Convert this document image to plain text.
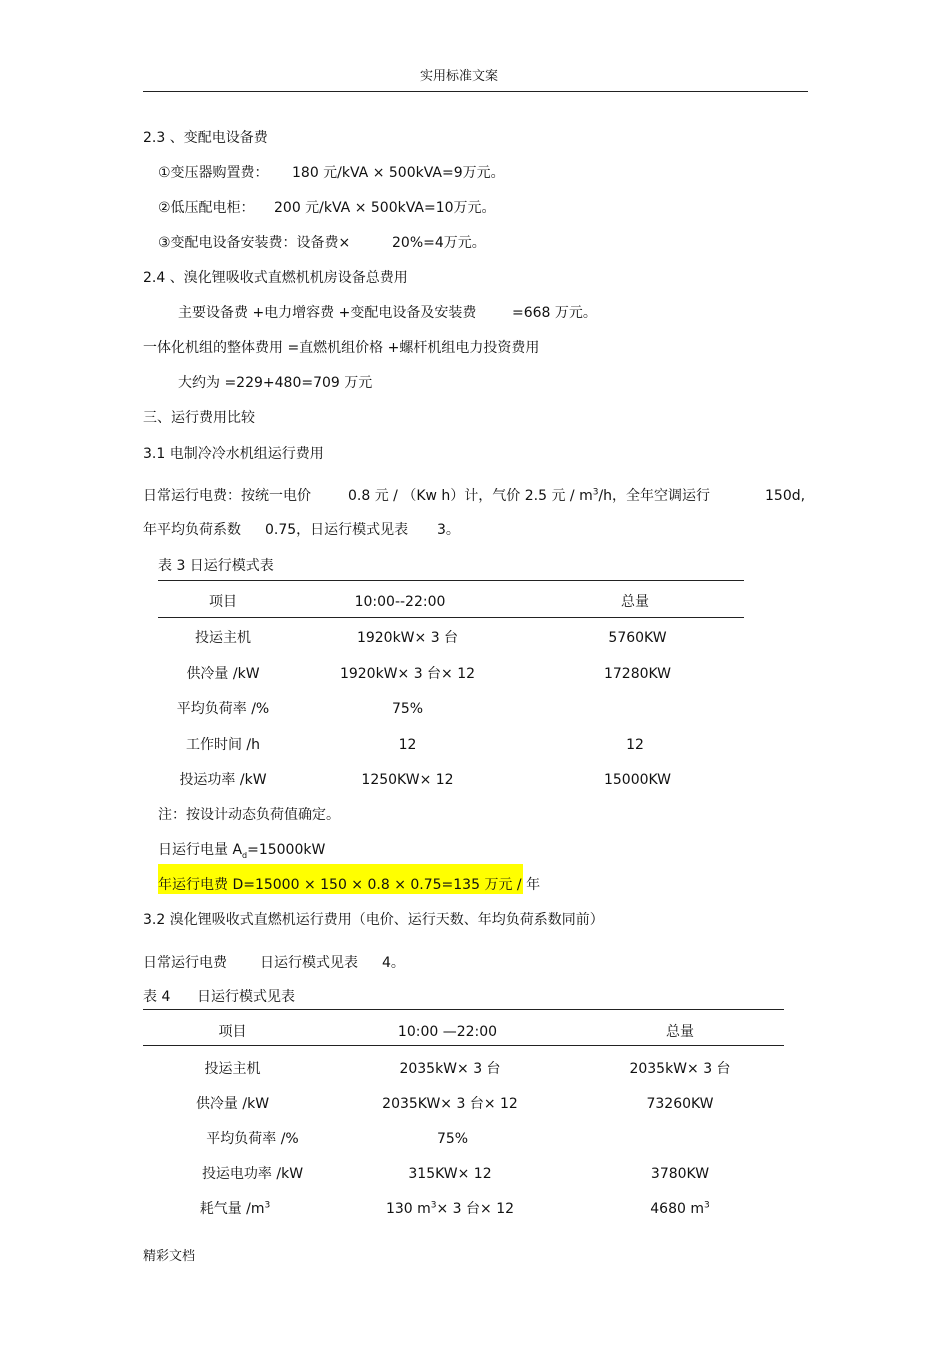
实用标准文案
2.3 、变配电设备费
①变压器购置费： 180 元/kVA × 500kVA=9万元。
②低压配电柜： 200 元/kVA × 500kVA=10万元。
③变配电设备安装费：设备费×	20%=4万元。
2.4 、溴化锂吸收式直燃机机房设备总费用
主要设备费 +电力增容费 +变配电设备及安装费	=668 万元。
一体化机组的整体费用 =直燃机组价格 +螺杆机组电力投资费用
大约为 =229+480=709 万元
三、运行费用比较
3.1 电制冷冷水机组运行费用
日常运行电费：按统一电价	0.8 元 / （Kw h）计，气价 2.5 元 / $m^3/h$，全年空调运行	150d,
年平均负荷系数 0.75，日运行模式见表 3。
表 3 日运行模式表
项目	10:00--22:00	总量
投运主机	1920kW× 3 台	5760KW
供冷量 /kW	1920kW× 3 台× 12	17280KW
平均负荷率 /%	75%
工作时间 /h	12	12
投运功率 /kW	1250KW× 12	15000KW
注：按设计动态负荷值确定。
日运行电量 $A_d=15000kW$
年运行电费 D=15000 × 150 × 0.8 × 0.75=135 万元 / 年
3.2 溴化锂吸收式直燃机运行费用（电价、运行天数、年均负荷系数同前）
日常运行电费 日运行模式见表 4。
表 4 日运行模式见表
项目	10:00 —22:00	总量
投运主机	2035kW× 3 台	2035kW× 3 台
供冷量 /kW	2035KW× 3 台× 12	73260KW
平均负荷率 /%	75%
投运电功率 /kW	315KW× 12	3780KW
耗气量 $/m^3$	130 $m^3\times 3$ 台× 12	4680 $m^3$
精彩文档
